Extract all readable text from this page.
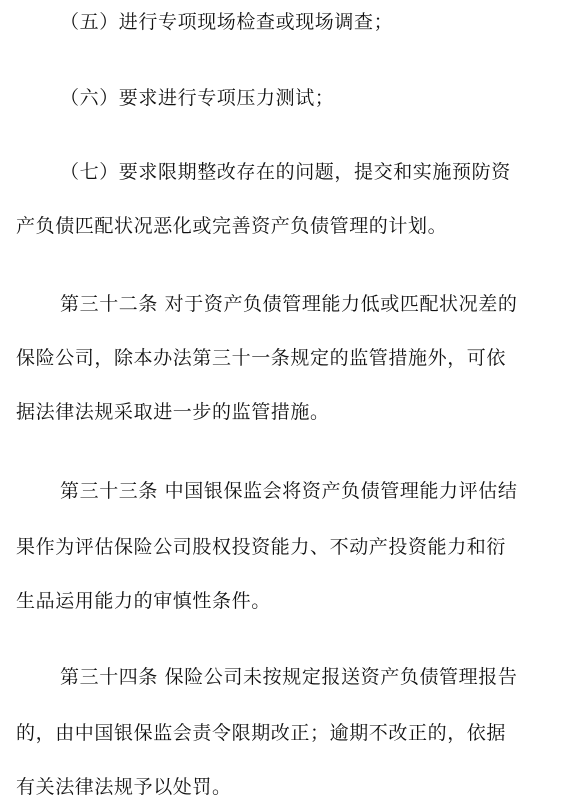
（五）进行专项现场检查或现场调查；
（六）要求进行专项压力测试；
（七）要求限期整改存在的问题，提交和实施预防资
产负债匹配状况恶化或完善资产负债管理的计划。
第三十二条 对于资产负债管理能力低或匹配状况差的
保险公司，除本办法第三十一条规定的监管措施外，可依
据法律法规采取进一步的监管措施。
第三十三条 中国银保监会将资产负债管理能力评估结
果作为评估保险公司股权投资能力、不动产投资能力和衍
生品运用能力的审慎性条件。
第三十四条 保险公司未按规定报送资产负债管理报告
的，由中国银保监会责令限期改正；逾期不改正的，依据
有关法律法规予以处罚。
